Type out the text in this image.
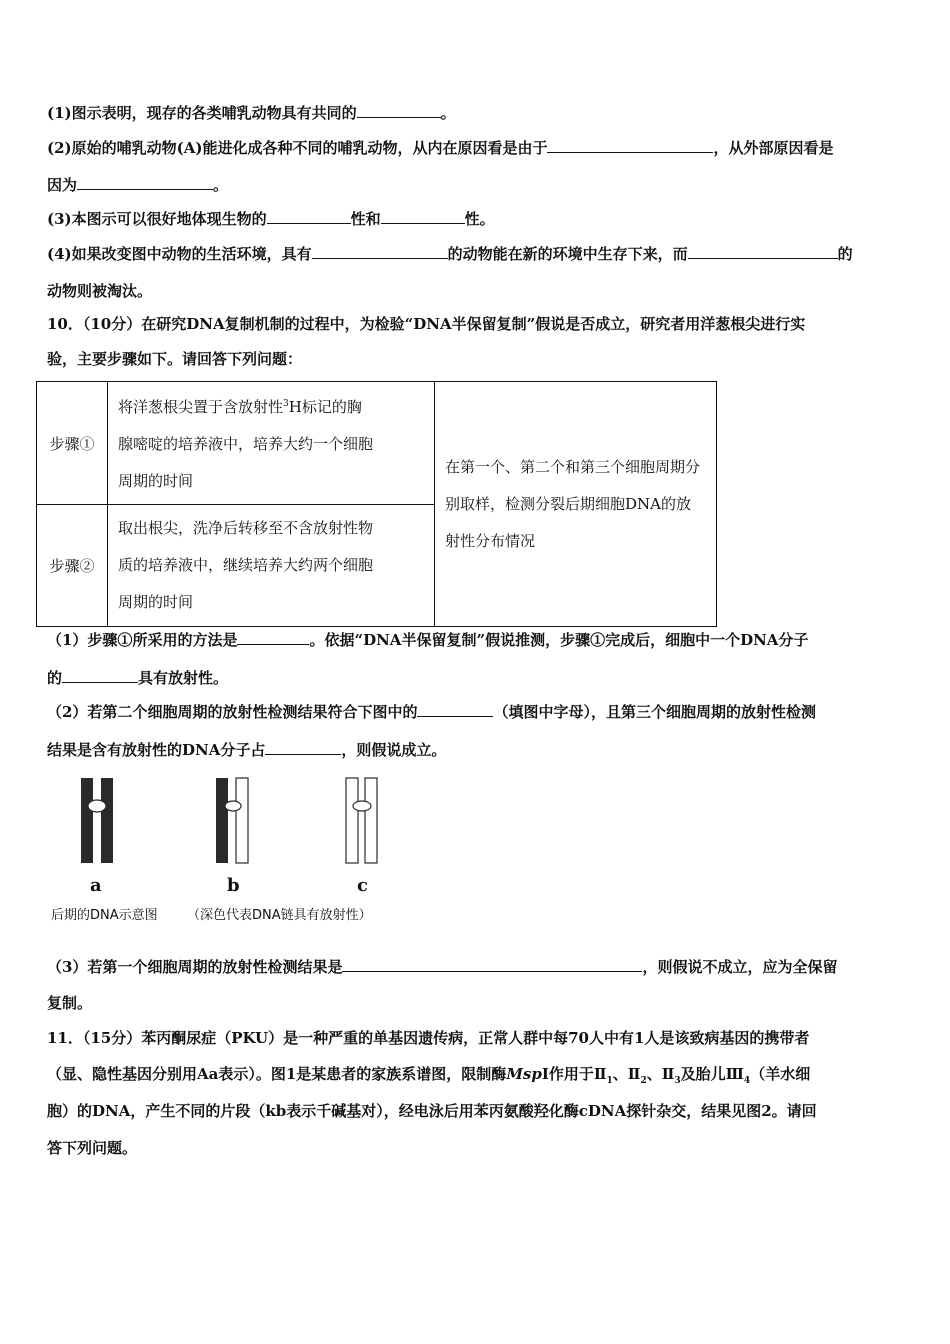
(1)图示表明，现存的各类哺乳动物具有共同的	。
(2)原始的哺乳动物(A)能进化成各种不同的哺乳动物，从内在原因看是由于	，从外部原因看是
因为	。
(3)本图示可以很好地体现生物的	性和	性。
(4)如果改变图中动物的生活环境，具有	的动物能在新的环境中生存下来，而	的
动物则被淘汰。
10．（10分）在研究DNA复制机制的过程中，为检验“DNA半保留复制”假说是否成立，研究者用洋葱根尖进行实
验，主要步骤如下。请回答下列问题：
步骤①	将洋葱根尖置于含放射性$^3$H标记的胸
腺嘧啶的培养液中，培养大约一个细胞
周期的时间	在第一个、第二个和第三个细胞周期分
别取样，检测分裂后期细胞DNA的放
射性分布情况
步骤②	取出根尖，洗净后转移至不含放射性物
质的培养液中，继续培养大约两个细胞
周期的时间	
（1）步骤①所采用的方法是	。依据“DNA半保留复制”假说推测，步骤①完成后，细胞中一个DNA分子
的	具有放射性。
（2）若第二个细胞周期的放射性检测结果符合下图中的	（填图中字母），且第三个细胞周期的放射性检测
结果是含有放射性的DNA分子占	，则假说成立。
a	b	c
后期的DNA示意图 （深色代表DNA链具有放射性）
（3）若第一个细胞周期的放射性检测结果是	，则假说不成立，应为全保留
复制。
11．（15分）苯丙酮尿症（PKU）是一种严重的单基因遗传病，正常人群中每70人中有1人是该致病基因的携带者
（显、隐性基因分别用Aa表示）。图1是某患者的家族系谱图，限制酶MspI作用于$Ⅱ_1$、$Ⅱ_2$、$Ⅱ_3$及胎儿$Ⅲ_4$（羊水细
胞）的DNA，产生不同的片段（kb表示千碱基对），经电泳后用苯丙氨酸羟化酶cDNA探针杂交，结果见图2。请回
答下列问题。
